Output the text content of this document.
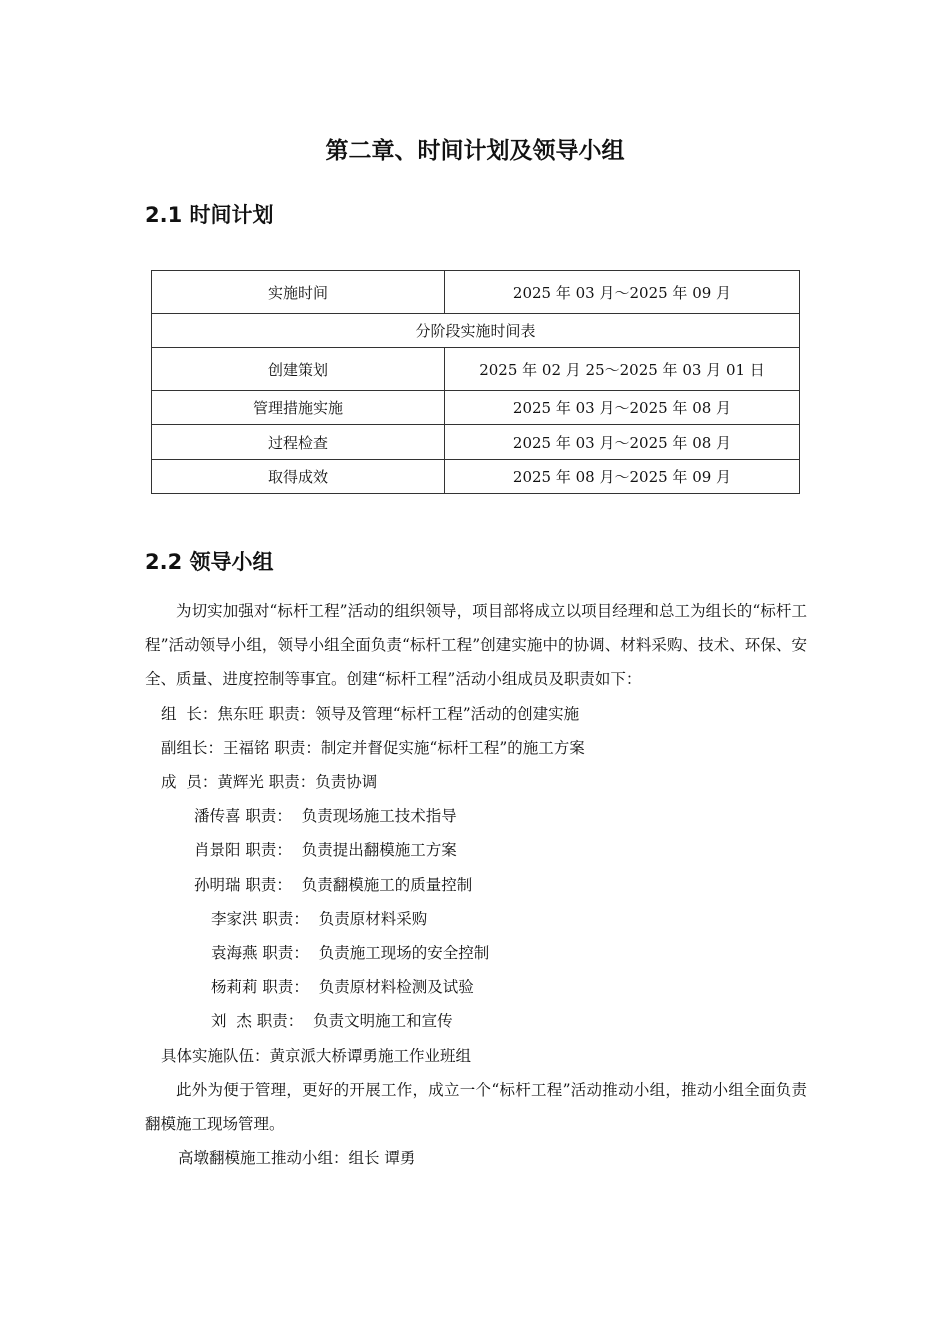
第二章、时间计划及领导小组
2.1 时间计划
实施时间	2025 年 03 月～2025 年 09 月
分阶段实施时间表	
创建策划	2025 年 02 月 25～2025 年 03 月 01 日
管理措施实施	2025 年 03 月～2025 年 08 月
过程检查	2025 年 03 月～2025 年 08 月
取得成效	2025 年 08 月～2025 年 09 月
2.2 领导小组

为切实加强对“标杆工程”活动的组织领导，项目部将成立以项目经理和总工为组长的“标杆工程”活动领导小组，领导小组全面负责“标杆工程”创建实施中的协调、材料采购、技术、环保、安全、质量、进度控制等事宜。创建“标杆工程”活动小组成员及职责如下：

组  长：焦东旺 职责：领导及管理“标杆工程”活动的创建实施

副组长：王福铭 职责：制定并督促实施“标杆工程”的施工方案

成  员：黄辉光 职责：负责协调

潘传喜 职责：  负责现场施工技术指导

肖景阳 职责：  负责提出翻模施工方案

孙明瑞 职责：  负责翻模施工的质量控制

李家洪 职责：  负责原材料采购

袁海燕 职责：  负责施工现场的安全控制

杨莉莉 职责：  负责原材料检测及试验

刘  杰 职责：  负责文明施工和宣传

具体实施队伍：黄京派大桥谭勇施工作业班组

此外为便于管理，更好的开展工作，成立一个“标杆工程”活动推动小组，推动小组全面负责翻模施工现场管理。

高墩翻模施工推动小组：组长 谭勇
